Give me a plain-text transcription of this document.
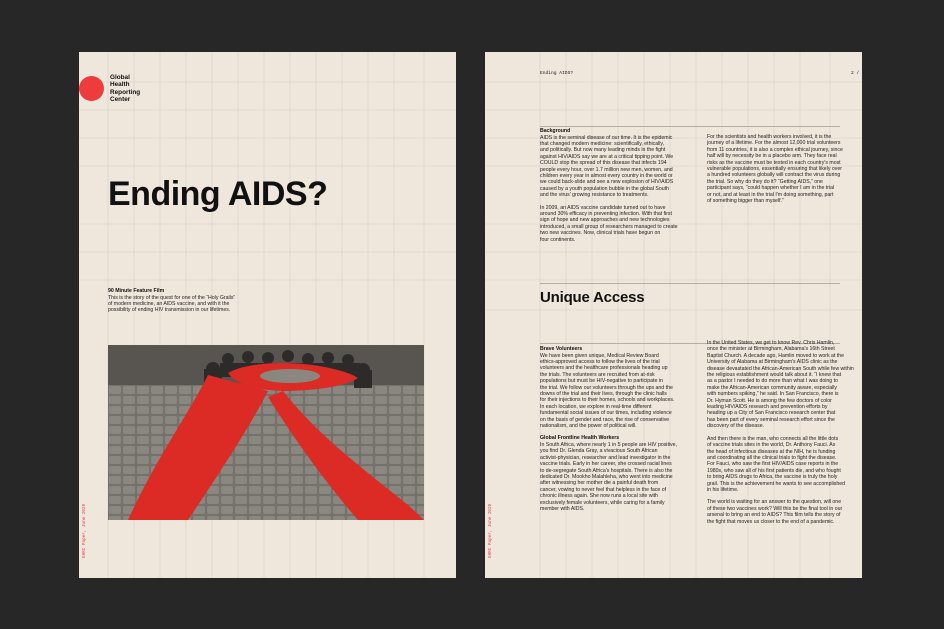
Global
Health
Reporting
Center
Ending AIDS?
90 Minute Feature Film
This is the story of the quest for one of the “Holy Grails”
of modern medicine, an AIDS vaccine, and with it the
possibility of ending HIV transmission in our lifetimes.
GHRC Paper, June 2020
Ending AIDS?	2 / 2
Background

AIDS is the seminal disease of our time. It is the epidemic
that changed modern medicine: scientifically, ethically,
and politically. But now many leading minds in the fight
against HIV/AIDS say we are at a critical tipping point. We
COULD stop the spread of this disease that infects 194
people every hour, over 1.7 million new men, women, and
children every year in almost every country in the world or
we could back-slide and see a new explosion of HIV/AIDS
caused by a youth population bubble in the global South
and the virus' growing resistance to treatments.

In 2009, an AIDS vaccine candidate turned out to have
around 30% efficacy in preventing infection. With that first
sign of hope and new approaches and new technologies
introduced, a small group of researchers managed to create
two new vaccines. Now, clinical trials have begun on
four continents.

For the scientists and health workers involved, it is the
journey of a lifetime. For the almost 12,000 trial volunteers
from 11 countries, it is also a complex ethical journey, since
half will by necessity be in a placebo arm. They face real
risks as the vaccine must be tested in each country's most
vulnerable populations, essentially ensuring that likely over
a hundred volunteers globally will contract the virus during
the trial. So why do they do it? “Getting AIDS,” one
participant says, “could happen whether I am in the trial
or not, and at least in the trial I'm doing something, part
of something bigger than myself.”
Unique Access
Brave Volunteers

We have been given unique, Medical Review Board
ethics-approved access to follow the lives of the trial
volunteers and the healthcare professionals heading up
the trials. The volunteers are recruited from at-risk
populations but must be HIV-negative to participate in
the trial. We follow our volunteers through the ups and the
downs of the trial and their lives, through the clinic halls
for their injections to their homes, schools and workplaces.
In each location, we explore in real-time different
fundamental social issues of our times, including violence
on the basis of gender and race, the rise of conservative
nationalism, and the power of political will.

Global Frontline Health Workers
In South Africa, where nearly 1 in 5 people are HIV positive,
you find Dr. Glenda Gray, a vivacious South African
activist-physician, researcher and lead investigator in the
vaccine trials. Early in her career, she crossed racial lines
to de-segregate South Africa's hospitals. There is also the
dedicated Dr. Mookho Malahleha, who went into medicine
after witnessing her mother die a painful death from
cancer, vowing to never feel that helpless in the face of
chronic illness again. She now runs a local site with
exclusively female volunteers, while caring for a family
member with AIDS.

In the United States, we get to know Rev. Chris Hamlin,
once the minister at Birmingham, Alabama's 16th Street
Baptist Church. A decade ago, Hamlin moved to work at the
University of Alabama at Birmingham's AIDS clinic as the
disease devastated the African-American South while few within
the religious establishment would talk about it. “I knew that
as a pastor I needed to do more than what I was doing to
make the African-American community aware, especially
with numbers spiking,” he said. In San Francisco, there is
Dr. Hyman Scott. He is among the few doctors of color
leading HIV/AIDS research and prevention efforts by
heading up a City of San Francisco research center that
has been part of every seminal research effort since the
discovery of the disease.

And then there is the man, who connects all the little dots
of vaccine trials sites in the world, Dr. Anthony Fauci. As
the head of infectious diseases at the NIH, he is funding
and coordinating all the clinical trials to fight the disease.
For Fauci, who saw the first HIV/AIDS case reports in the
1980s, who saw all of his first patients die, and who fought
to bring AIDS drugs to Africa, the vaccine is truly the holy
grail. This is the achievement he wants to see accomplished
in his lifetime.

The world is waiting for an answer to the question, will one
of these two vaccines work? Will this be the final tool in our
arsenal to bring an end to AIDS? This film tells the story of
the fight that moves us closer to the end of a pandemic.

GHRC Paper, June 2020
